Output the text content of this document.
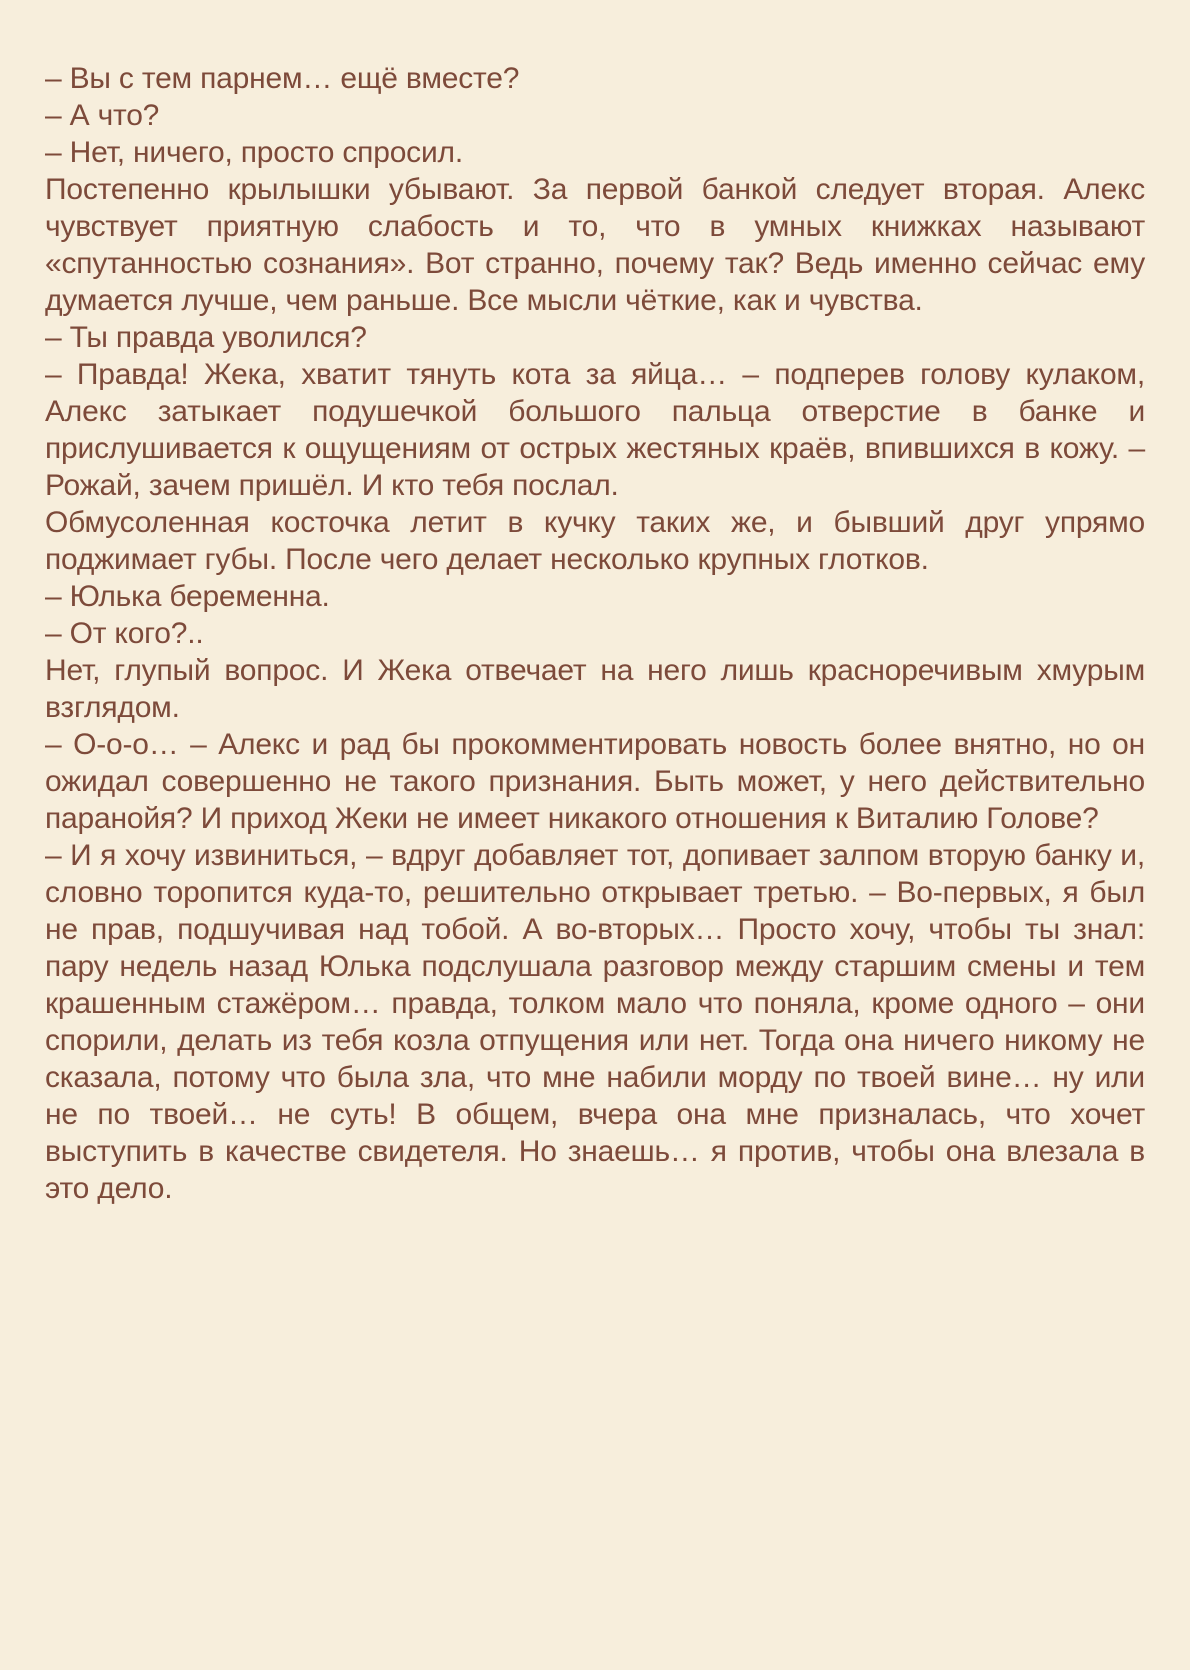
– Вы с тем парнем… ещё вместе?

– А что?

– Нет, ничего, просто спросил.

Постепенно крылышки убывают. За первой банкой следует вторая. Алекс чувствует приятную слабость и то, что в умных книжках называют «спутанностью сознания». Вот странно, почему так? Ведь именно сейчас ему думается лучше, чем раньше. Все мысли чёткие, как и чувства.

– Ты правда уволился?

– Правда! Жека, хватит тянуть кота за яйца… – подперев голову кулаком, Алекс затыкает подушечкой большого пальца отверстие в банке и прислушивается к ощущениям от острых жестяных краёв, впившихся в кожу. – Рожай, зачем пришёл. И кто тебя послал.

Обмусоленная косточка летит в кучку таких же, и бывший друг упрямо поджимает губы. После чего делает несколько крупных глотков.

– Юлька беременна.

– От кого?..

Нет, глупый вопрос. И Жека отвечает на него лишь красноречивым хмурым взглядом.

– О-о-о… – Алекс и рад бы прокомментировать новость более внятно, но он ожидал совершенно не такого признания. Быть может, у него действительно паранойя? И приход Жеки не имеет никакого отношения к Виталию Голове?

– И я хочу извиниться, – вдруг добавляет тот, допивает залпом вторую банку и, словно торопится куда-то, решительно открывает третью. – Во-первых, я был не прав, подшучивая над тобой. А во-вторых… Просто хочу, чтобы ты знал: пару недель назад Юлька подслушала разговор между старшим смены и тем крашенным стажёром… правда, толком мало что поняла, кроме одного – они спорили, делать из тебя козла отпущения или нет. Тогда она ничего никому не сказала, потому что была зла, что мне набили морду по твоей вине… ну или не по твоей… не суть! В общем, вчера она мне призналась, что хочет выступить в качестве свидетеля. Но знаешь… я против, чтобы она влезала в это дело.
